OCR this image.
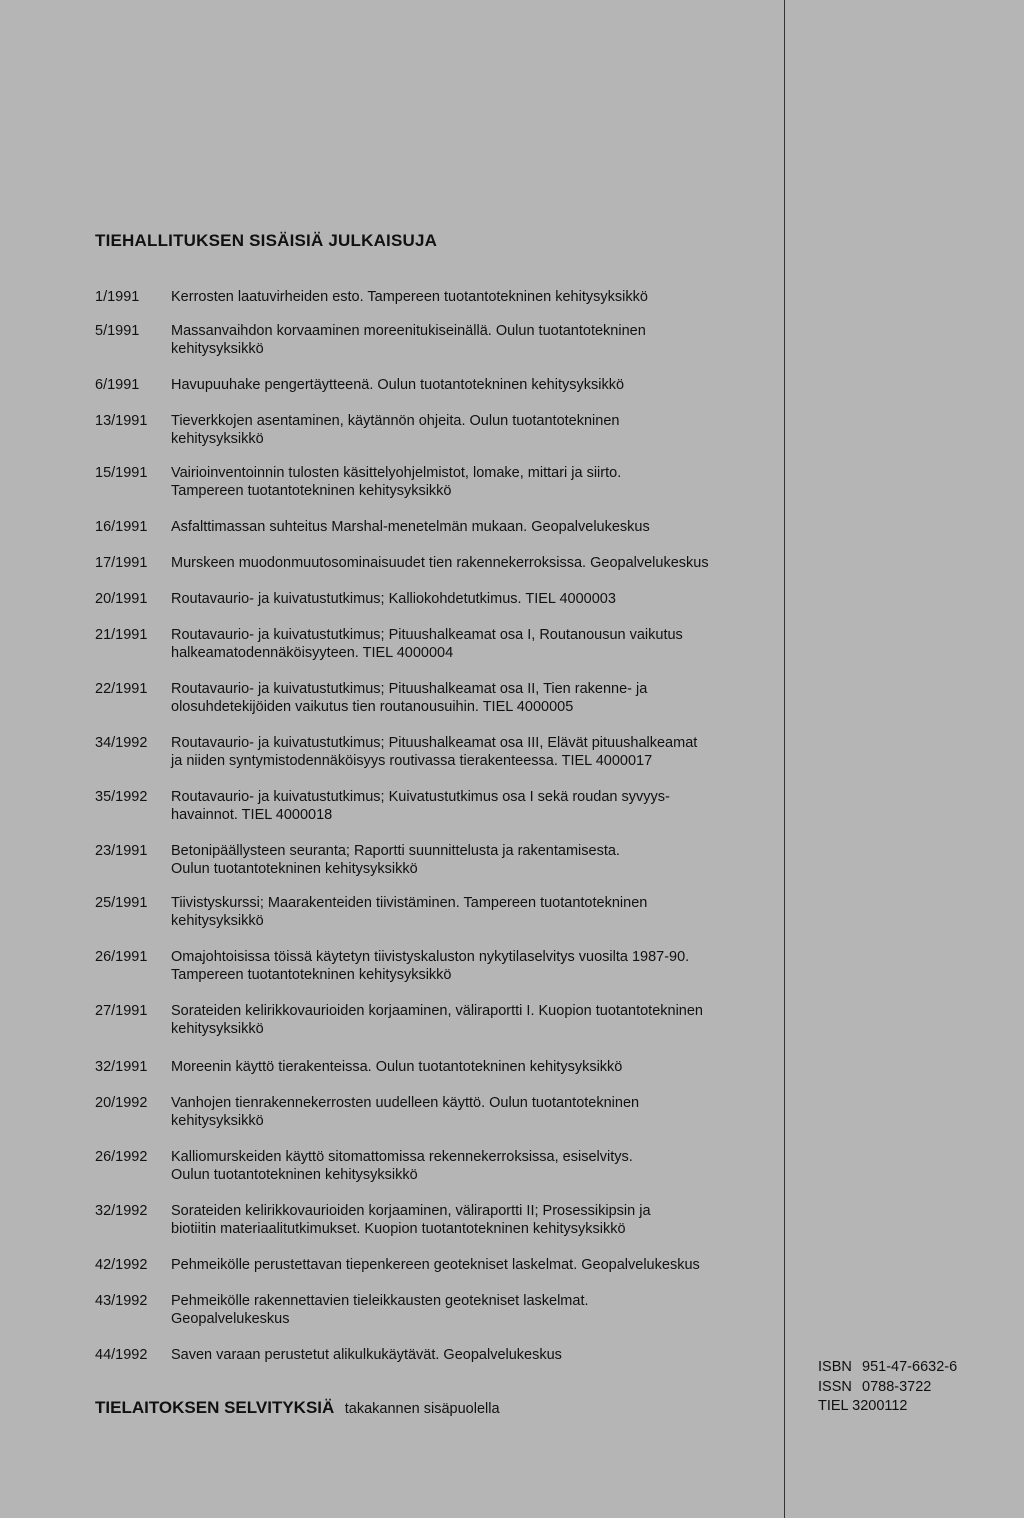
TIEHALLITUKSEN SISÄISIÄ JULKAISUJA
1/1991	Kerrosten laatuvirheiden esto. Tampereen tuotantotekninen kehitysyksikkö
5/1991	Massanvaihdon korvaaminen moreenitukiseinällä. Oulun tuotantotekninen
kehitysyksikkö
6/1991	Havupuuhake pengertäytteenä. Oulun tuotantotekninen kehitysyksikkö
13/1991	Tieverkkojen asentaminen, käytännön ohjeita. Oulun tuotantotekninen
kehitysyksikkö
15/1991	Vairioinventoinnin tulosten käsittelyohjelmistot, lomake, mittari ja siirto.
Tampereen tuotantotekninen kehitysyksikkö
16/1991	Asfalttimassan suhteitus Marshal-menetelmän mukaan. Geopalvelukeskus
17/1991	Murskeen muodonmuutosominaisuudet tien rakennekerroksissa. Geopalvelukeskus
20/1991	Routavaurio- ja kuivatustutkimus; Kalliokohdetutkimus. TIEL 4000003
21/1991	Routavaurio- ja kuivatustutkimus; Pituushalkeamat osa I, Routanousun vaikutus
halkeamatodennäköisyyteen. TIEL 4000004
22/1991	Routavaurio- ja kuivatustutkimus; Pituushalkeamat osa II, Tien rakenne- ja
olosuhdetekijöiden vaikutus tien routanousuihin. TIEL 4000005
34/1992	Routavaurio- ja kuivatustutkimus; Pituushalkeamat osa III, Elävät pituushalkeamat
ja niiden syntymistodennäköisyys routivassa tierakenteessa. TIEL 4000017
35/1992	Routavaurio- ja kuivatustutkimus; Kuivatustutkimus osa I sekä roudan syvyys-
havainnot. TIEL 4000018
23/1991	Betonipäällysteen seuranta; Raportti suunnittelusta ja rakentamisesta.
Oulun tuotantotekninen kehitysyksikkö
25/1991	Tiivistyskurssi; Maarakenteiden tiivistäminen. Tampereen tuotantotekninen
kehitysyksikkö
26/1991	Omajohtoisissa töissä käytetyn tiivistyskaluston nykytilaselvitys vuosilta 1987-90.
Tampereen tuotantotekninen kehitysyksikkö
27/1991	Sorateiden kelirikkovaurioiden korjaaminen, väliraportti I. Kuopion tuotantotekninen
kehitysyksikkö
32/1991	Moreenin käyttö tierakenteissa. Oulun tuotantotekninen kehitysyksikkö
20/1992	Vanhojen tienrakennekerrosten uudelleen käyttö. Oulun tuotantotekninen
kehitysyksikkö
26/1992	Kalliomurskeiden käyttö sitomattomissa rekennekerroksissa, esiselvitys.
Oulun tuotantotekninen kehitysyksikkö
32/1992	Sorateiden kelirikkovaurioiden korjaaminen, väliraportti II; Prosessikipsin ja
biotiitin materiaalitutkimukset. Kuopion tuotantotekninen kehitysyksikkö
42/1992	Pehmeikölle perustettavan tiepenkereen geotekniset laskelmat. Geopalvelukeskus
43/1992	Pehmeikölle rakennettavien tieleikkausten geotekniset laskelmat.
Geopalvelukeskus
44/1992	Saven varaan perustetut alikulkukäytävät. Geopalvelukeskus
TIELAITOKSEN SELVITYKSIÄ takakannen sisäpuolella
ISBN 951-47-6632-6
ISSN 0788-3722
TIEL 3200112
